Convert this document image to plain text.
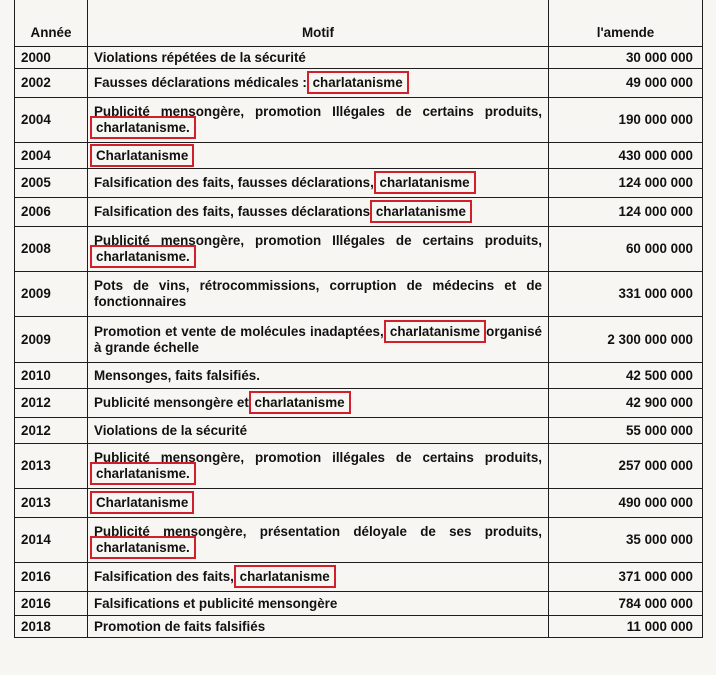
Année	Motif	l'amende
2000	Violations répétées de la sécurité	30 000 000
2002	Fausses déclarations médicales : charlatanisme	49 000 000
2004	Publicité mensongère, promotion Illégales de certains produits, charlatanisme.	190 000 000
2004	Charlatanisme	430 000 000
2005	Falsification des faits, fausses déclarations, charlatanisme	124 000 000
2006	Falsification des faits, fausses déclarations charlatanisme	124 000 000
2008	Publicité mensongère, promotion Illégales de certains produits, charlatanisme.	60 000 000
2009	Pots de vins, rétrocommissions, corruption de médecins et de fonctionnaires	331 000 000
2009	Promotion et vente de molécules inadaptées, charlatanisme organisé à grande échelle	2 300 000 000
2010	Mensonges, faits falsifiés.	42 500 000
2012	Publicité mensongère et charlatanisme	42 900 000
2012	Violations de la sécurité	55 000 000
2013	Publicité mensongère, promotion illégales de certains produits, charlatanisme.	257 000 000
2013	Charlatanisme	490 000 000
2014	Publicité mensongère, présentation déloyale de ses produits, charlatanisme.	35 000 000
2016	Falsification des faits, charlatanisme	371 000 000
2016	Falsifications et publicité mensongère	784 000 000
2018	Promotion de faits falsifiés	11 000 000
